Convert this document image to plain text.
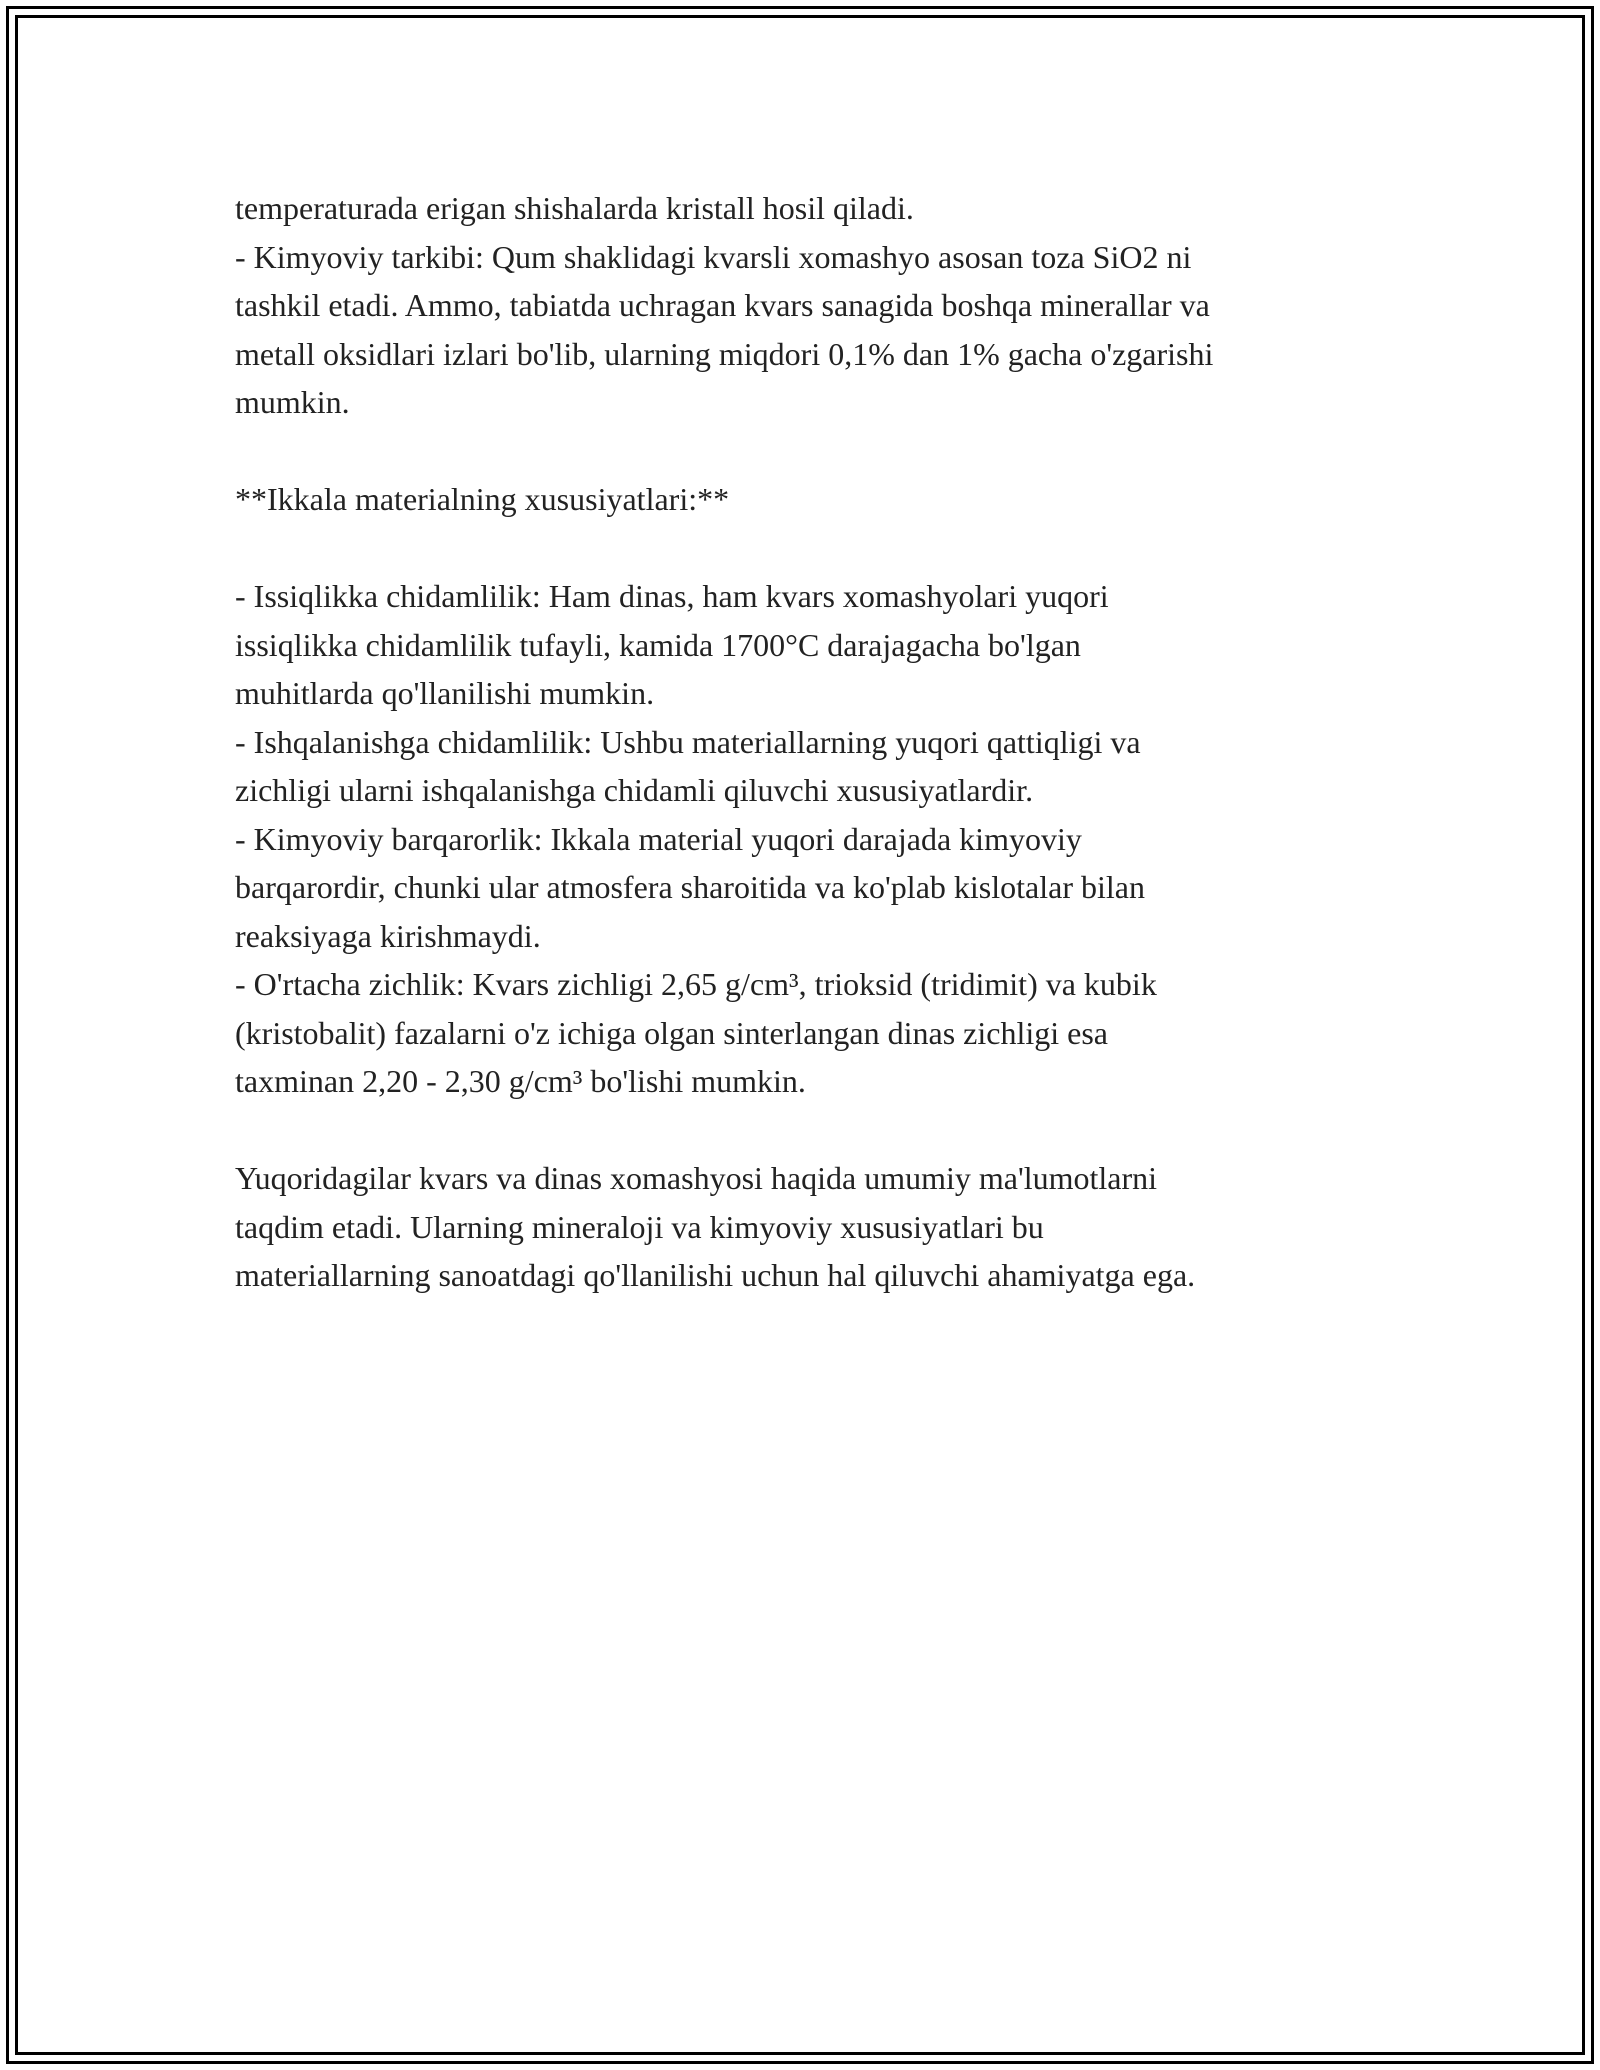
temperaturada erigan shishalarda kristall hosil qiladi.
- Kimyoviy tarkibi: Qum shaklidagi kvarsli xomashyo asosan toza SiO2 ni
tashkil etadi. Ammo, tabiatda uchragan kvars sanagida boshqa minerallar va
metall oksidlari izlari bo'lib, ularning miqdori 0,1% dan 1% gacha o'zgarishi
mumkin.
**Ikkala materialning xususiyatlari:**
- Issiqlikka chidamlilik: Ham dinas, ham kvars xomashyolari yuqori
issiqlikka chidamlilik tufayli, kamida 1700°C darajagacha bo'lgan
muhitlarda qo'llanilishi mumkin.
- Ishqalanishga chidamlilik: Ushbu materiallarning yuqori qattiqligi va
zichligi ularni ishqalanishga chidamli qiluvchi xususiyatlardir.
- Kimyoviy barqarorlik: Ikkala material yuqori darajada kimyoviy
barqarordir, chunki ular atmosfera sharoitida va ko'plab kislotalar bilan
reaksiyaga kirishmaydi.
- O'rtacha zichlik: Kvars zichligi 2,65 g/cm³, trioksid (tridimit) va kubik
(kristobalit) fazalarni o'z ichiga olgan sinterlangan dinas zichligi esa
taxminan 2,20 - 2,30 g/cm³ bo'lishi mumkin.
Yuqoridagilar kvars va dinas xomashyosi haqida umumiy ma'lumotlarni
taqdim etadi. Ularning mineraloji va kimyoviy xususiyatlari bu
materiallarning sanoatdagi qo'llanilishi uchun hal qiluvchi ahamiyatga ega.
